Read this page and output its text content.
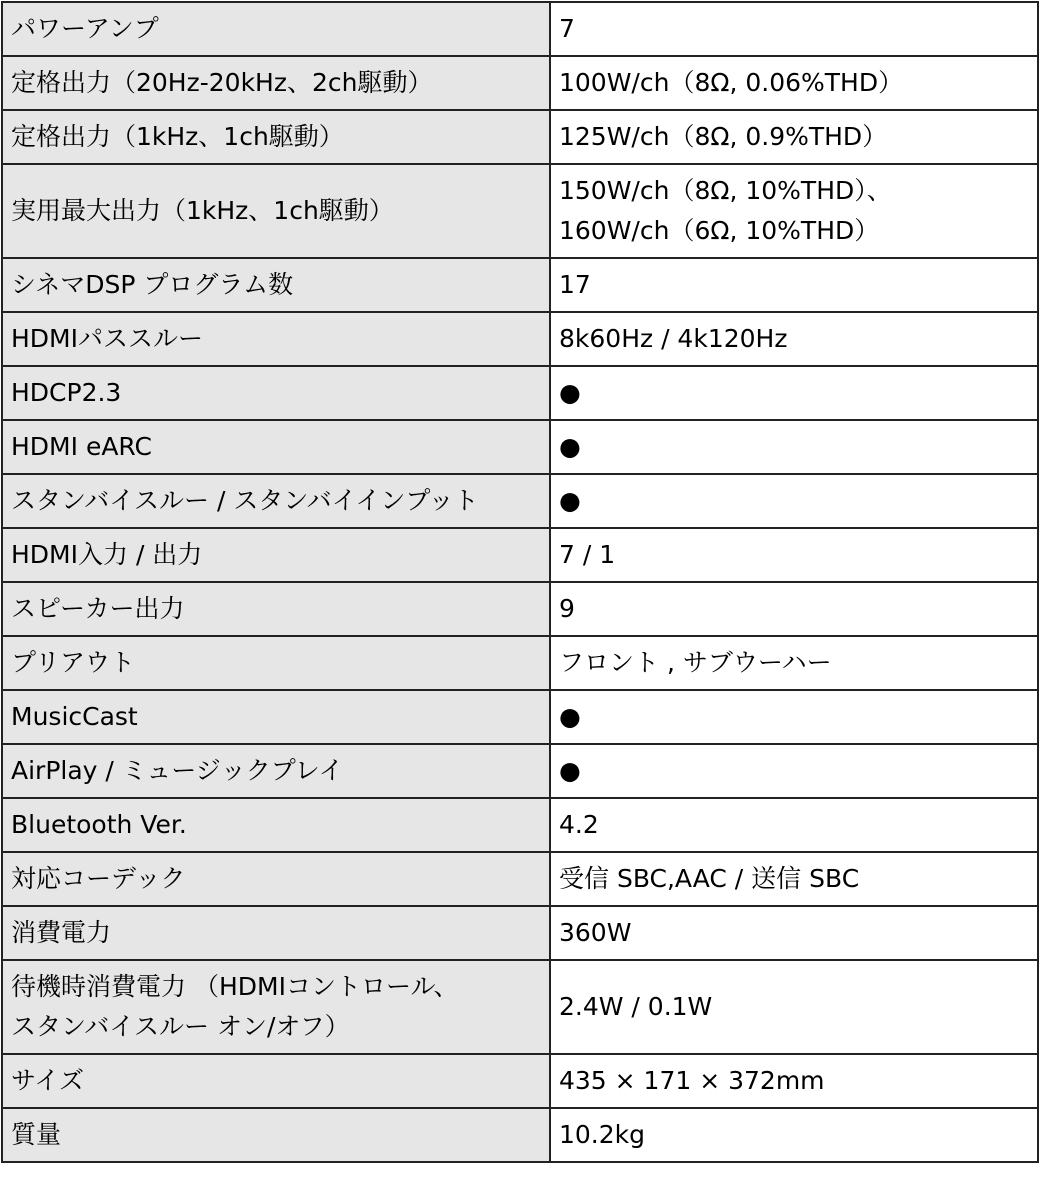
パワーアンプ	7

定格出力（20Hz-20kHz、2ch駆動）	100W/ch（8Ω, 0.06%THD）

定格出力（1kHz、1ch駆動）	125W/ch（8Ω, 0.9%THD）

実用最大出力（1kHz、1ch駆動）	150W/ch（8Ω, 10%THD）、
160W/ch（6Ω, 10%THD）

シネマDSP プログラム数	17

HDMIパススルー	8k60Hz / 4k120Hz

HDCP2.3	●

HDMI eARC	●

スタンバイスルー / スタンバイインプット	●

HDMI入力 / 出力	7 / 1

スピーカー出力	9

プリアウト	フロント , サブウーハー

MusicCast	●

AirPlay / ミュージックプレイ	●

Bluetooth Ver.	4.2

対応コーデック	受信 SBC,AAC / 送信 SBC

消費電力	360W

待機時消費電力 （HDMIコントロール、
スタンバイスルー オン/オフ）	2.4W / 0.1W

サイズ	435 × 171 × 372mm

質量	10.2kg
